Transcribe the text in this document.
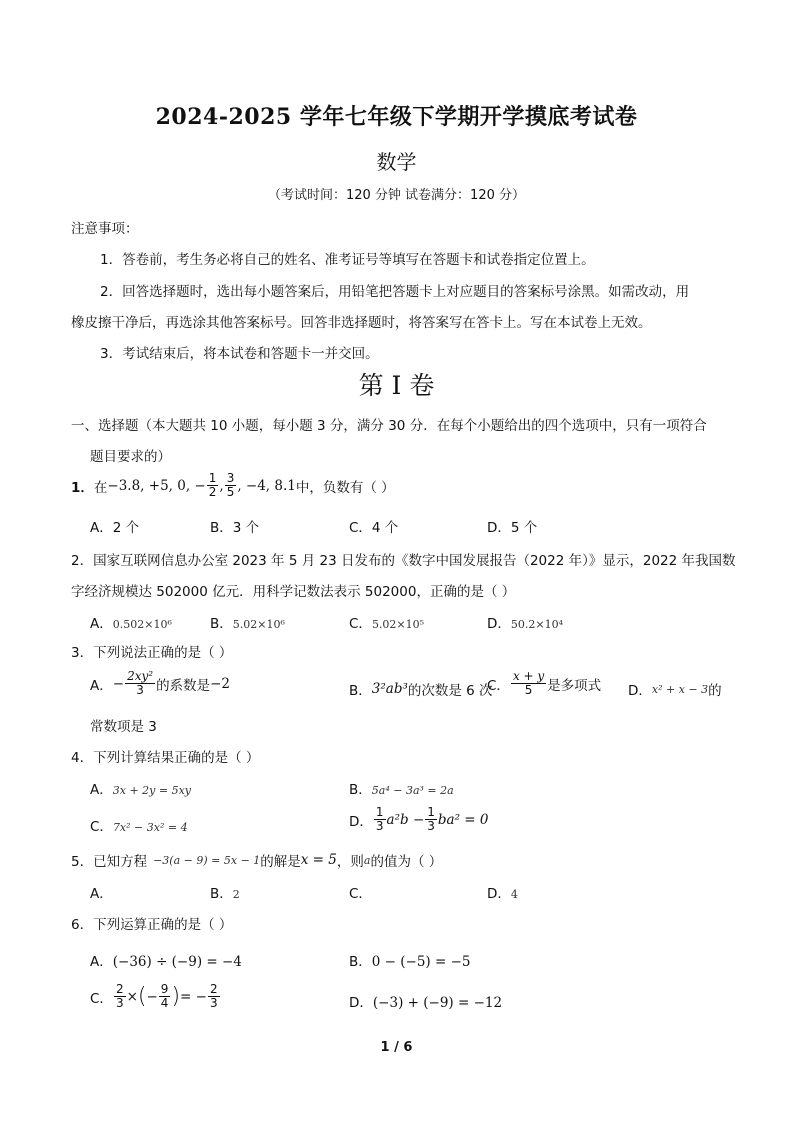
2024-2025 学年七年级下学期开学摸底考试卷
数学
（考试时间：120 分钟 试卷满分：120 分）
注意事项：
1．答卷前，考生务必将自己的姓名、准考证号等填写在答题卡和试卷指定位置上。
2．回答选择题时，选出每小题答案后，用铅笔把答题卡上对应题目的答案标号涂黑。如需改动，用
橡皮擦干净后，再选涂其他答案标号。回答非选择题时，将答案写在答卡上。写在本试卷上无效。
3．考试结束后，将本试卷和答题卡一并交回。
第 I 卷
一、选择题（本大题共 10 小题，每小题 3 分，满分 30 分．在每个小题给出的四个选项中，只有一项符合
题目要求的）
1． 在 −3.8, +5, 0, − $\frac{1}{2}$ , $\frac{3}{5}$ , −4, 8.1 中，负数有（ ）
A．2 个	B．3 个	C．4 个	D．5 个
2．国家互联网信息办公室 2023 年 5 月 23 日发布的《数字中国发展报告（2022 年）》显示，2022 年我国数
字经济规模达 502000 亿元．用科学记数法表示 502000，正确的是（ ）
A．0.502×10⁶	B．5.02×10⁶	C．5.02×10⁵	D．50.2×10⁴
3．下列说法正确的是（ ）
A． − $\frac{\text{2xy²}}{3}$ 的系数是 −2	B． 3²ab³ 的次数是 6 次
C． $\frac{x + y}{5}$ 是多项式 D． x² + x − 3 的
常数项是 3
4．下列计算结果正确的是（ ）
A．3x + 2y = 5xy	B．5a⁴ − 3a³ = 2a
C．7x² − 3x² = 4	D． $\frac{1}{3} a^2b - \frac{1}{3} ba^2 = 0$
5．已知方程 −3(a − 9) = 5x − 1 的解是 x = 5 ，则 a 的值为（ ）
A．	B．2	C．	D．4
6．下列运算正确的是（ ）
A．(−36) ÷ (−9) = −4	B．0 − (−5) = −5
C． $\frac{2}{3}$ × ( − $\frac{9}{4}$ ) = − $\frac{2}{3}$	D．(−3) + (−9) = −12
1 / 6
